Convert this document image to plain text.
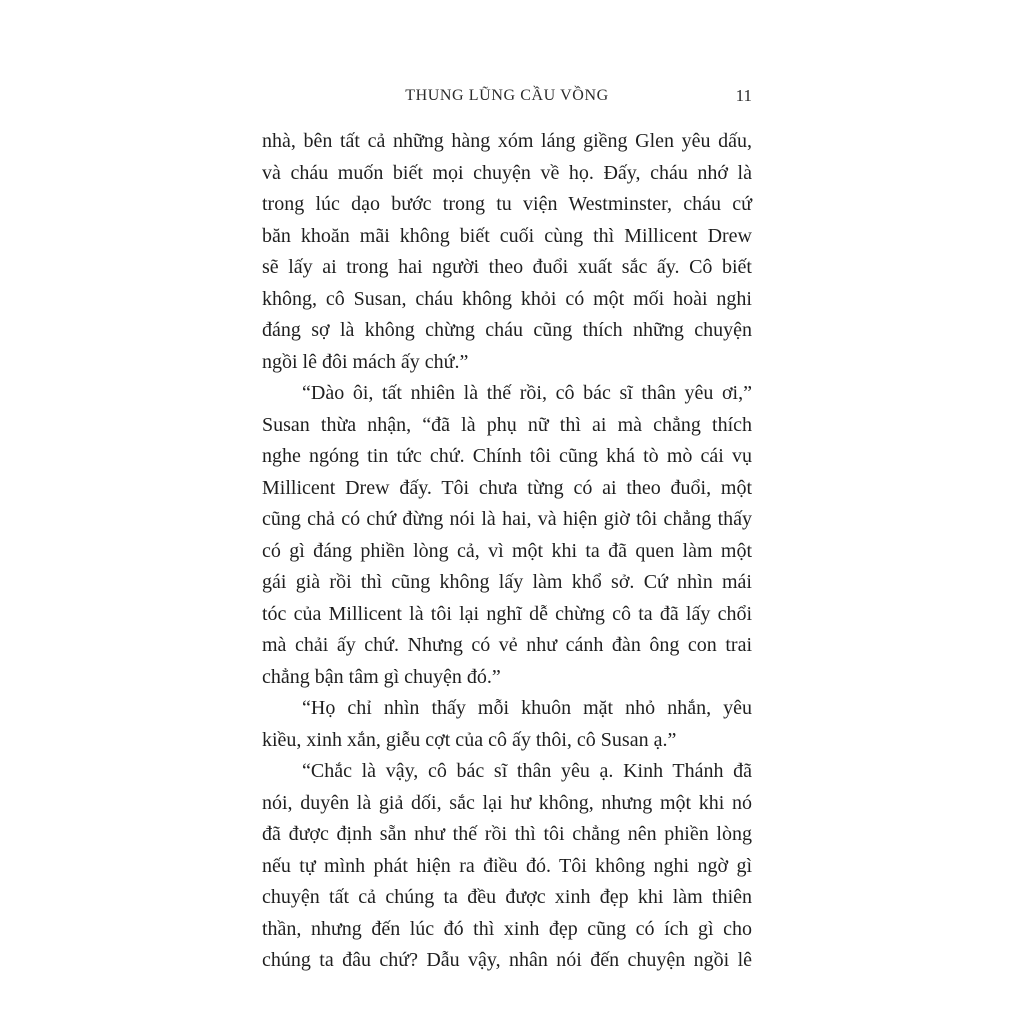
THUNG LŨNG CẦU VỒNG	11
nhà, bên tất cả những hàng xóm láng giềng Glen yêu dấu,
và cháu muốn biết mọi chuyện về họ. Đấy, cháu nhớ là
trong lúc dạo bước trong tu viện Westminster, cháu cứ
băn khoăn mãi không biết cuối cùng thì Millicent Drew
sẽ lấy ai trong hai người theo đuổi xuất sắc ấy. Cô biết
không, cô Susan, cháu không khỏi có một mối hoài nghi
đáng sợ là không chừng cháu cũng thích những chuyện
ngồi lê đôi mách ấy chứ.”
“Dào ôi, tất nhiên là thế rồi, cô bác sĩ thân yêu ơi,”
Susan thừa nhận, “đã là phụ nữ thì ai mà chẳng thích
nghe ngóng tin tức chứ. Chính tôi cũng khá tò mò cái vụ
Millicent Drew đấy. Tôi chưa từng có ai theo đuổi, một
cũng chả có chứ đừng nói là hai, và hiện giờ tôi chẳng thấy
có gì đáng phiền lòng cả, vì một khi ta đã quen làm một
gái già rồi thì cũng không lấy làm khổ sở. Cứ nhìn mái
tóc của Millicent là tôi lại nghĩ dễ chừng cô ta đã lấy chổi
mà chải ấy chứ. Nhưng có vẻ như cánh đàn ông con trai
chẳng bận tâm gì chuyện đó.”
“Họ chỉ nhìn thấy mỗi khuôn mặt nhỏ nhắn, yêu
kiều, xinh xắn, giễu cợt của cô ấy thôi, cô Susan ạ.”
“Chắc là vậy, cô bác sĩ thân yêu ạ. Kinh Thánh đã
nói, duyên là giả dối, sắc lại hư không, nhưng một khi nó
đã được định sẵn như thế rồi thì tôi chẳng nên phiền lòng
nếu tự mình phát hiện ra điều đó. Tôi không nghi ngờ gì
chuyện tất cả chúng ta đều được xinh đẹp khi làm thiên
thần, nhưng đến lúc đó thì xinh đẹp cũng có ích gì cho
chúng ta đâu chứ? Dẫu vậy, nhân nói đến chuyện ngồi lê
